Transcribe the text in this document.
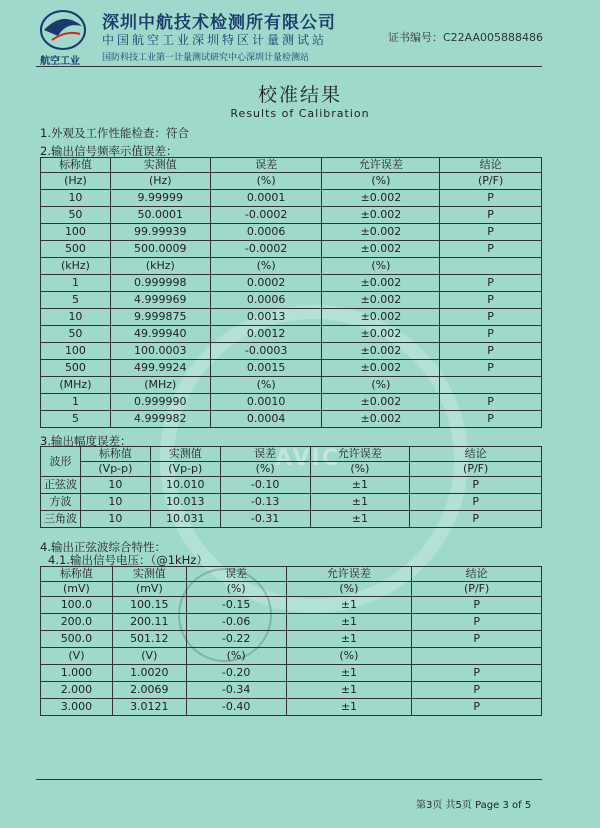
AVIC
航空工业
深圳中航技术检测所有限公司
中国航空工业深圳特区计量测试站
国防科技工业第一计量测试研究中心深圳计量检测站
证书编号：C22AA005888486
校准结果
Results of Calibration
1.外观及工作性能检查：符合
2.输出信号频率示值误差：
标称值	实测值	误差	允许误差	结论
(Hz)	(Hz)	(%)	(%)	(P/F)
10	9.99999	0.0001	±0.002	P
50	50.0001	-0.0002	±0.002	P
100	99.99939	0.0006	±0.002	P
500	500.0009	-0.0002	±0.002	P
(kHz)	(kHz)	(%)	(%)	
1	0.999998	0.0002	±0.002	P
5	4.999969	0.0006	±0.002	P
10	9.999875	0.0013	±0.002	P
50	49.99940	0.0012	±0.002	P
100	100.0003	-0.0003	±0.002	P
500	499.9924	0.0015	±0.002	P
(MHz)	(MHz)	(%)	(%)	
1	0.999990	0.0010	±0.002	P
5	4.999982	0.0004	±0.002	P
3.输出幅度误差：
波形	标称值	实测值	误差	允许误差	结论
	(Vp-p)	(Vp-p)	(%)	(%)	(P/F)
正弦波	10	10.010	-0.10	±1	P
方波	10	10.013	-0.13	±1	P
三角波	10	10.031	-0.31	±1	P
4.输出正弦波综合特性：
4.1.输出信号电压：（@1kHz）
标称值	实测值	误差	允许误差	结论
(mV)	(mV)	(%)	(%)	(P/F)
100.0	100.15	-0.15	±1	P
200.0	200.11	-0.06	±1	P
500.0	501.12	-0.22	±1	P
(V)	(V)	(%)	(%)	
1.000	1.0020	-0.20	±1	P
2.000	2.0069	-0.34	±1	P
3.000	3.0121	-0.40	±1	P
第3页 共5页 Page 3 of 5
